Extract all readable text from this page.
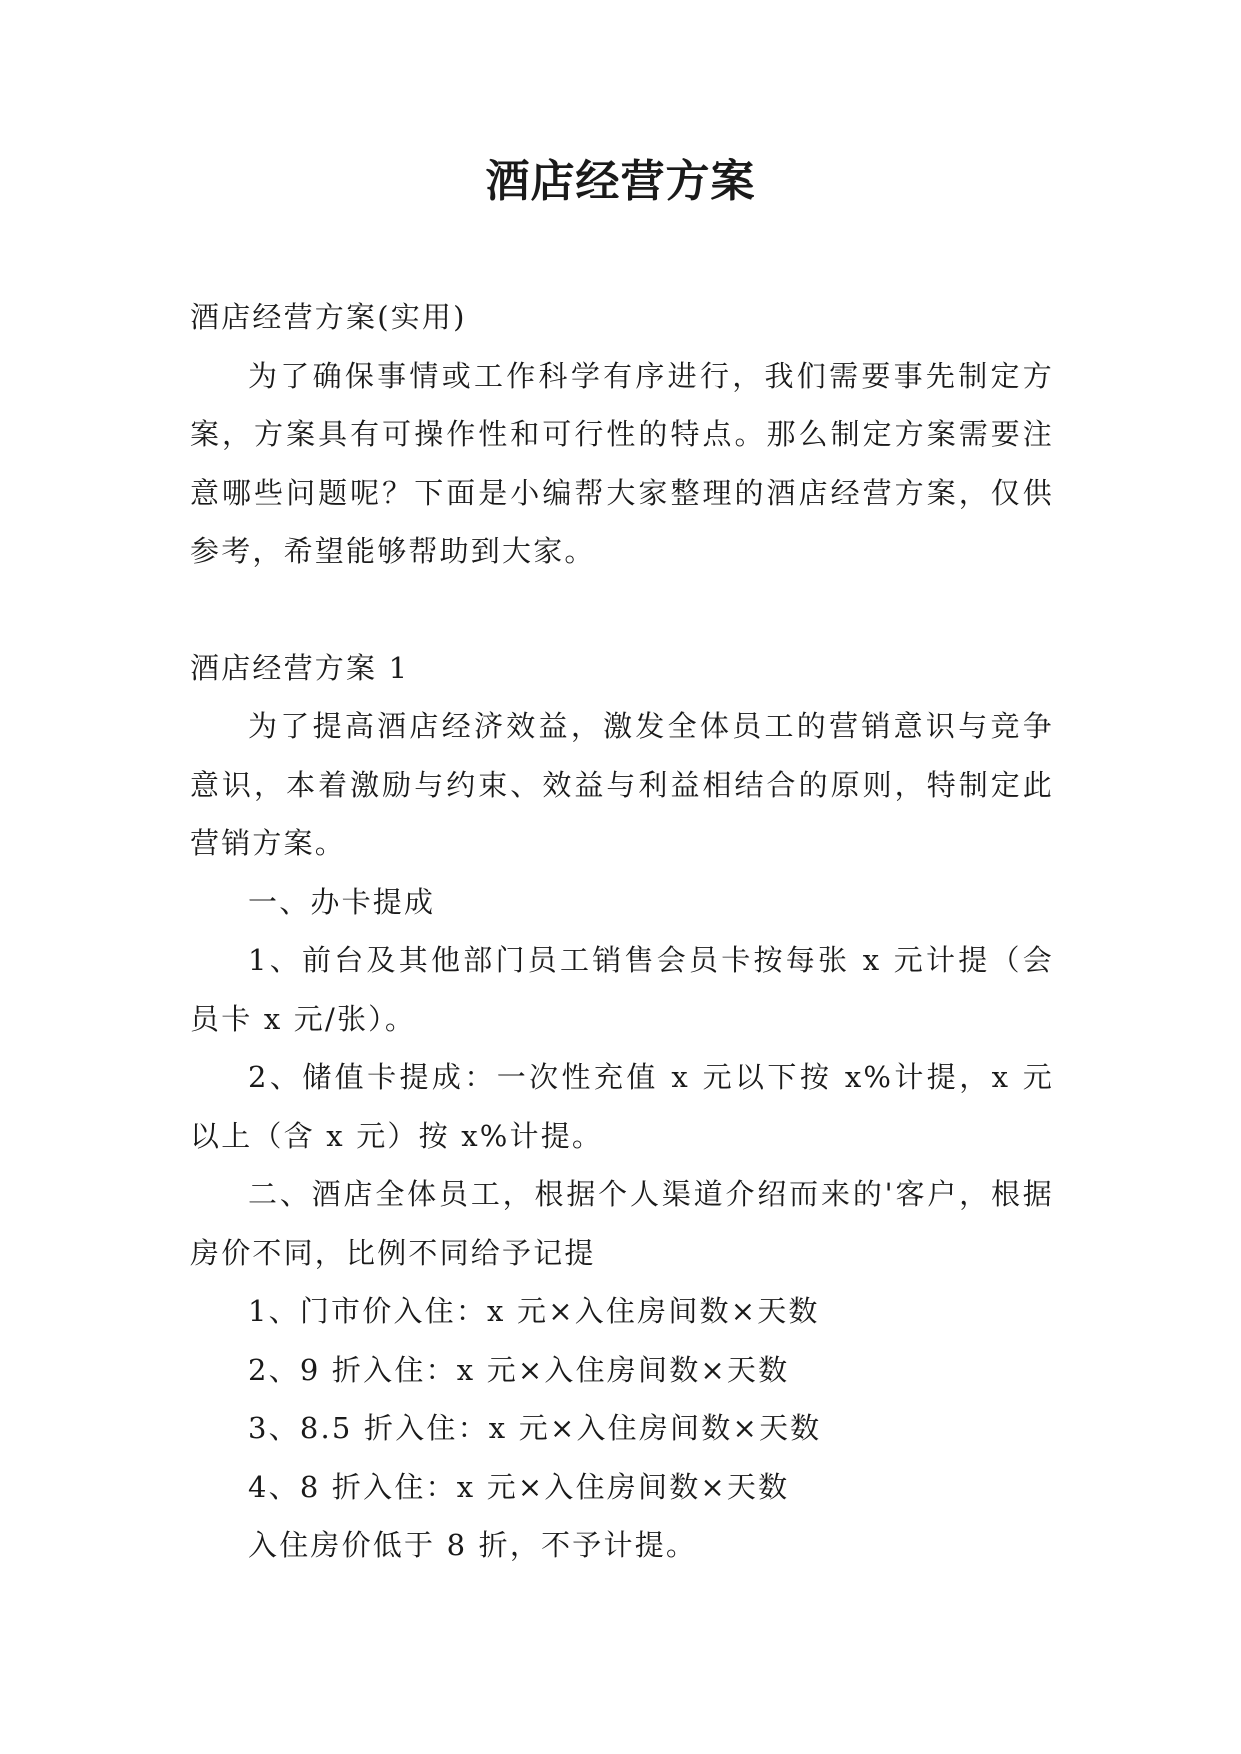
酒店经营方案

酒店经营方案(实用)

为了确保事情或工作科学有序进行，我们需要事先制定方案，方案具有可操作性和可行性的特点。那么制定方案需要注意哪些问题呢？下面是小编帮大家整理的酒店经营方案，仅供参考，希望能够帮助到大家。

酒店经营方案 1

为了提高酒店经济效益，激发全体员工的营销意识与竞争意识，本着激励与约束、效益与利益相结合的原则，特制定此营销方案。

一、办卡提成

1、前台及其他部门员工销售会员卡按每张 x 元计提（会员卡 x 元/张）。

2、储值卡提成：一次性充值 x 元以下按 x%计提，x 元以上（含 x 元）按 x%计提。

二、酒店全体员工，根据个人渠道介绍而来的'客户，根据房价不同，比例不同给予记提

1、门市价入住：x 元×入住房间数×天数

2、9 折入住：x 元×入住房间数×天数

3、8.5 折入住：x 元×入住房间数×天数

4、8 折入住：x 元×入住房间数×天数

入住房价低于 8 折，不予计提。
